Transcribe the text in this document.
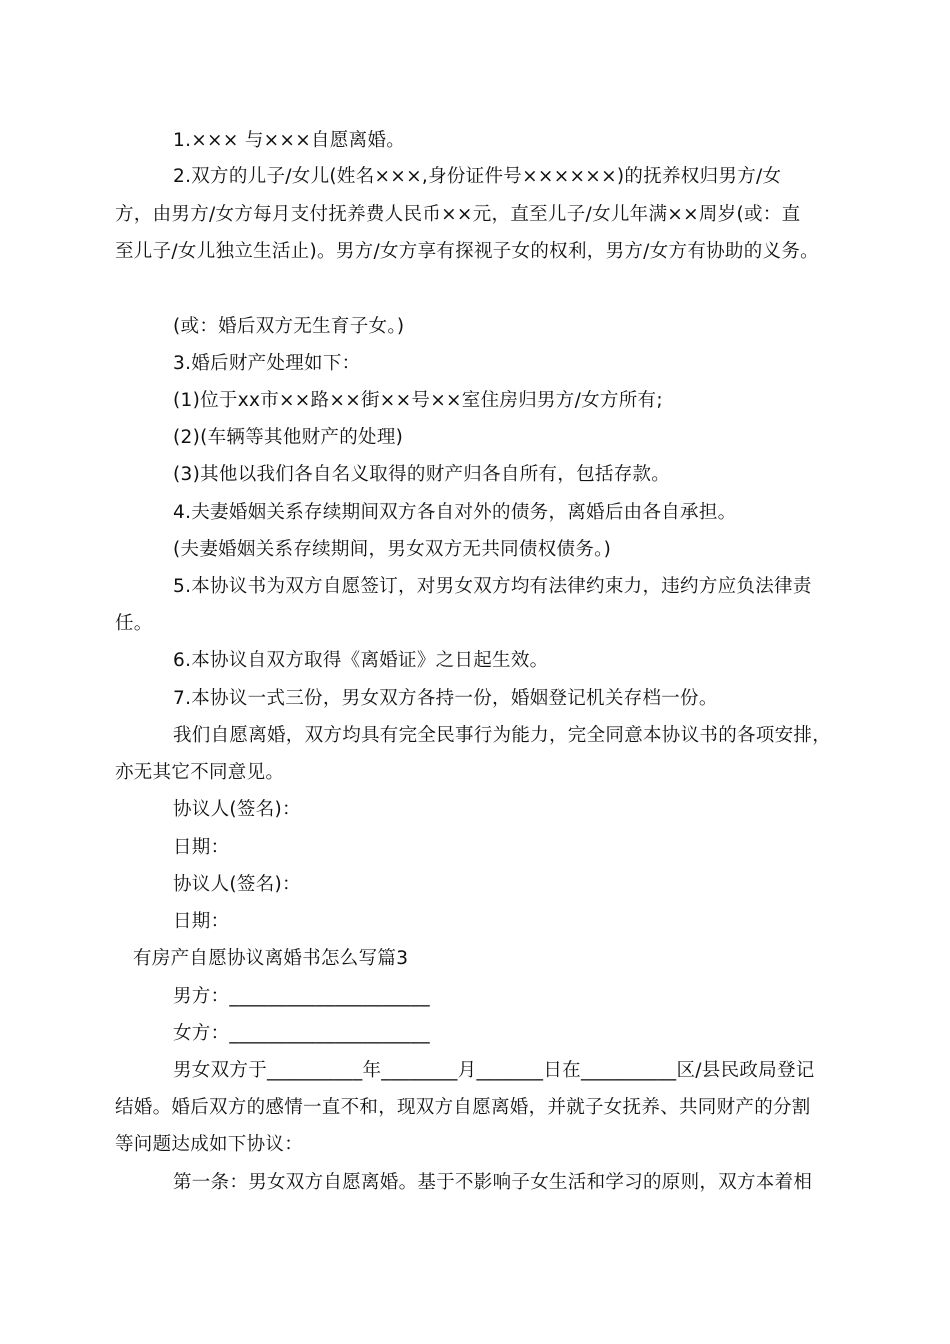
1.××× 与×××自愿离婚。
2.双方的儿子/女儿(姓名×××,身份证件号××××××)的抚养权归男方/女
方，由男方/女方每月支付抚养费人民币××元，直至儿子/女儿年满××周岁(或：直
至儿子/女儿独立生活止)。男方/女方享有探视子女的权利，男方/女方有协助的义务。
(或：婚后双方无生育子女。)
3.婚后财产处理如下：
(1)位于xx市××路××街××号××室住房归男方/女方所有;
(2)(车辆等其他财产的处理)
(3)其他以我们各自名义取得的财产归各自所有，包括存款。
4.夫妻婚姻关系存续期间双方各自对外的债务，离婚后由各自承担。
(夫妻婚姻关系存续期间，男女双方无共同债权债务。)
5.本协议书为双方自愿签订，对男女双方均有法律约束力，违约方应负法律责
任。
6.本协议自双方取得《离婚证》之日起生效。
7.本协议一式三份，男女双方各持一份，婚姻登记机关存档一份。
我们自愿离婚，双方均具有完全民事行为能力，完全同意本协议书的各项安排，
亦无其它不同意见。
协议人(签名)：
日期：
协议人(签名)：
日期：
有房产自愿协议离婚书怎么写篇3
男方：_____________________
女方：_____________________
男女双方于__________年________月_______日在__________区/县民政局登记
结婚。婚后双方的感情一直不和，现双方自愿离婚，并就子女抚养、共同财产的分割
等问题达成如下协议：
第一条：男女双方自愿离婚。基于不影响子女生活和学习的原则，双方本着相
